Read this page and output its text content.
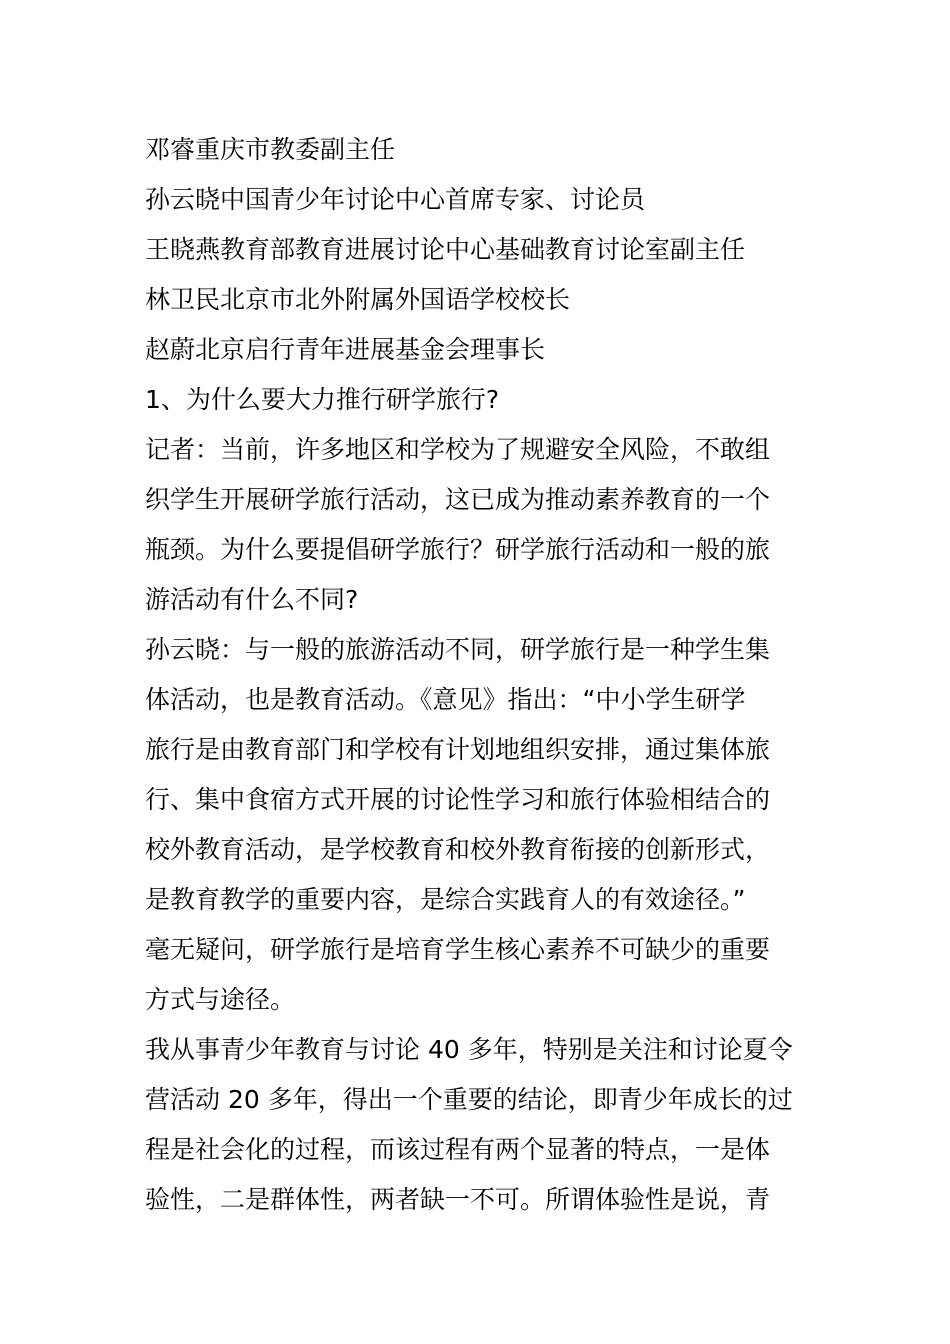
邓睿重庆市教委副主任
孙云晓中国青少年讨论中心首席专家、讨论员
王晓燕教育部教育进展讨论中心基础教育讨论室副主任
林卫民北京市北外附属外国语学校校长
赵蔚北京启行青年进展基金会理事长
1、为什么要大力推行研学旅行?
记者：当前，许多地区和学校为了规避安全风险，不敢组
织学生开展研学旅行活动，这已成为推动素养教育的一个
瓶颈。为什么要提倡研学旅行？研学旅行活动和一般的旅
游活动有什么不同?
孙云晓：与一般的旅游活动不同，研学旅行是一种学生集
体活动，也是教育活动。《意见》指出：“中小学生研学
旅行是由教育部门和学校有计划地组织安排，通过集体旅
行、集中食宿方式开展的讨论性学习和旅行体验相结合的
校外教育活动，是学校教育和校外教育衔接的创新形式，
是教育教学的重要内容，是综合实践育人的有效途径。”
毫无疑问，研学旅行是培育学生核心素养不可缺少的重要
方式与途径。
我从事青少年教育与讨论 40 多年，特别是关注和讨论夏令
营活动 20 多年，得出一个重要的结论，即青少年成长的过
程是社会化的过程，而该过程有两个显著的特点，一是体
验性，二是群体性，两者缺一不可。所谓体验性是说，青
